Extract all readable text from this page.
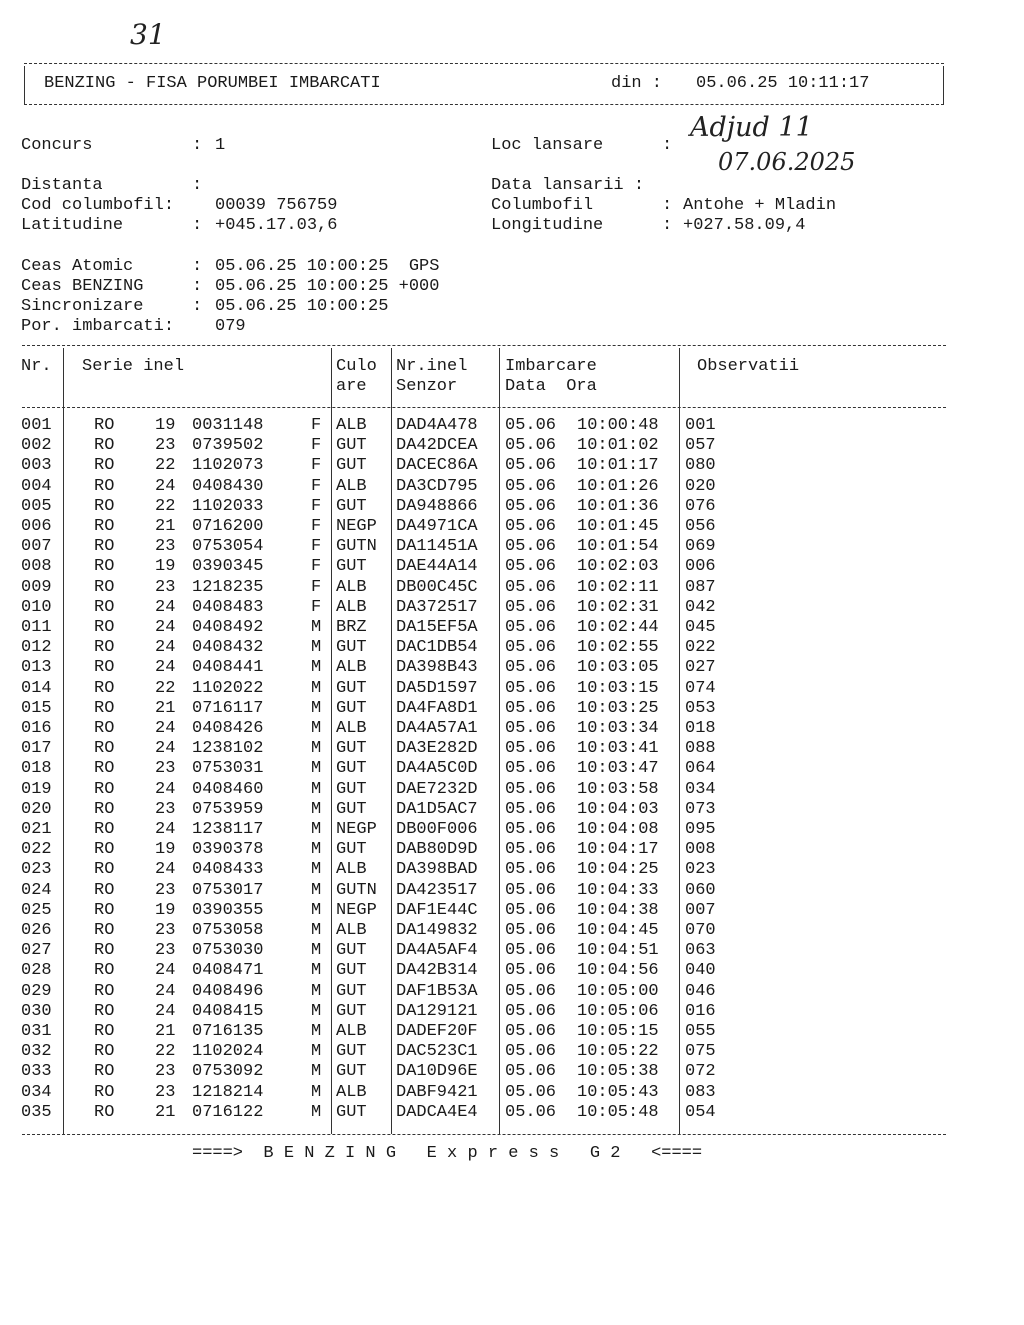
31
BENZING - FISA PORUMBEI IMBARCATI	din : 05.06.25 10:11:17
Concurs	: 1
Distanta	:
Cod columbofil: 00039 756759
Latitudine	: +045.17.03,6
Loc lansare	:
Adjud 11
Data lansarii :
07.06.2025
Columbofil	: Antohe + Mladin
Longitudine	: +027.58.09,4
Ceas Atomic	: 05.06.25 10:00:25  GPS
Ceas BENZING	: 05.06.25 10:00:25 +000
Sincronizare	: 05.06.25 10:00:25
Por. imbarcati: 079
Nr. Serie inel	Culo
are
Nr.inel
Senzor
Imbarcare
Data  Ora
Observatii
001 RO 19 0031148	F ALB DAD4A478 05.06 10:00:48 001
002 RO 23 0739502	F GUT DA42DCEA 05.06 10:01:02 057
003 RO 22 1102073	F GUT DACEC86A 05.06 10:01:17 080
004 RO 24 0408430	F ALB DA3CD795 05.06 10:01:26 020
005 RO 22 1102033	F GUT DA948866 05.06 10:01:36 076
006 RO 21 0716200	F NEGP DA4971CA 05.06 10:01:45 056
007 RO 23 0753054	F GUTN DA11451A 05.06 10:01:54 069
008 RO 19 0390345	F GUT DAE44A14 05.06 10:02:03 006
009 RO 23 1218235	F ALB DB00C45C 05.06 10:02:11 087
010 RO 24 0408483	F ALB DA372517 05.06 10:02:31 042
011 RO 24 0408492	M BRZ DA15EF5A 05.06 10:02:44 045
012 RO 24 0408432	M GUT DAC1DB54 05.06 10:02:55 022
013 RO 24 0408441	M ALB DA398B43 05.06 10:03:05 027
014 RO 22 1102022	M GUT DA5D1597 05.06 10:03:15 074
015 RO 21 0716117	M GUT DA4FA8D1 05.06 10:03:25 053
016 RO 24 0408426	M ALB DA4A57A1 05.06 10:03:34 018
017 RO 24 1238102	M GUT DA3E282D 05.06 10:03:41 088
018 RO 23 0753031	M GUT DA4A5C0D 05.06 10:03:47 064
019 RO 24 0408460	M GUT DAE7232D 05.06 10:03:58 034
020 RO 23 0753959	M GUT DA1D5AC7 05.06 10:04:03 073
021 RO 24 1238117	M NEGP DB00F006 05.06 10:04:08 095
022 RO 19 0390378	M GUT DAB80D9D 05.06 10:04:17 008
023 RO 24 0408433	M ALB DA398BAD 05.06 10:04:25 023
024 RO 23 0753017	M GUTN DA423517 05.06 10:04:33 060
025 RO 19 0390355	M NEGP DAF1E44C 05.06 10:04:38 007
026 RO 23 0753058	M ALB DA149832 05.06 10:04:45 070
027 RO 23 0753030	M GUT DA4A5AF4 05.06 10:04:51 063
028 RO 24 0408471	M GUT DA42B314 05.06 10:04:56 040
029 RO 24 0408496	M GUT DAF1B53A 05.06 10:05:00 046
030 RO 24 0408415	M GUT DA129121 05.06 10:05:06 016
031 RO 21 0716135	M ALB DADEF20F 05.06 10:05:15 055
032 RO 22 1102024	M GUT DAC523C1 05.06 10:05:22 075
033 RO 23 0753092	M GUT DA10D96E 05.06 10:05:38 072
034 RO 23 1218214	M ALB DABF9421 05.06 10:05:43 083
035 RO 21 0716122	M GUT DADCA4E4 05.06 10:05:48 054
====>  B E N Z I N G   E x p r e s s   G 2   <====
